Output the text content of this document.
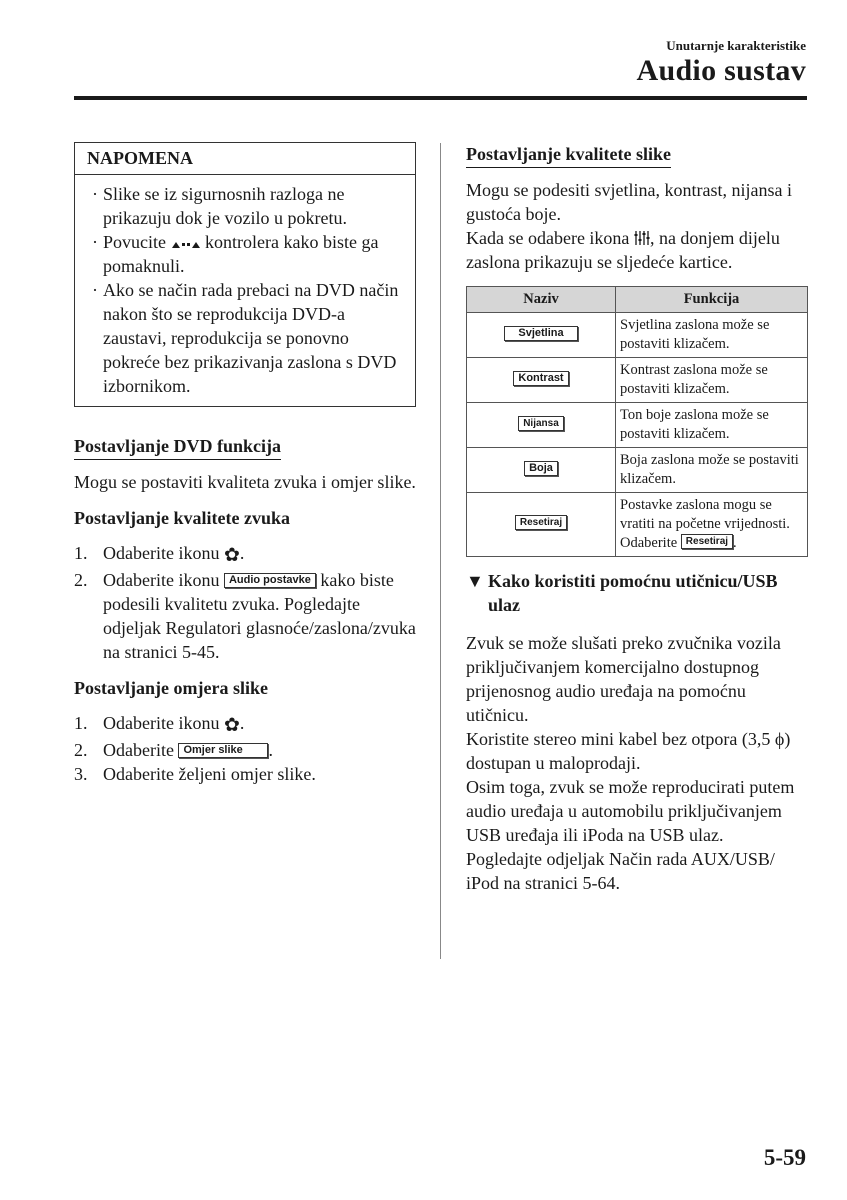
Unutarnje karakteristike
Audio sustav
NAPOMENA
· Slike se iz sigurnosnih razloga ne prikazuju dok je vozilo u pokretu.
· Povucite kontrolera kako biste ga pomaknuli.
· Ako se način rada prebaci na DVD način nakon što se reprodukcija DVD-a zaustavi, reprodukcija se ponovno pokreće bez prikazivanja zaslona s DVD izbornikom.
Postavljanje DVD funkcija
Mogu se postaviti kvaliteta zvuka i omjer slike.
Postavljanje kvalitete zvuka
1. Odaberite ikonu ✿.
2. Odaberite ikonu Audio postavke kako biste podesili kvalitetu zvuka. Pogledajte odjeljak Regulatori glasnoće/zaslona/zvuka na stranici 5-45.
Postavljanje omjera slike
1. Odaberite ikonu ✿.
2. Odaberite Omjer slike .
3. Odaberite željeni omjer slike.
Postavljanje kvalitete slike
Mogu se podesiti svjetlina, kontrast, nijansa i gustoća boje.
Kada se odabere ikona , na donjem dijelu zaslona prikazuju se sljedeće kartice.
Naziv	Funkcija
Svjetlina	Svjetlina zaslona može se postaviti klizačem.
Kontrast	Kontrast zaslona može se postaviti klizačem.
Nijansa	Ton boje zaslona može se postaviti klizačem.
Boja	Boja zaslona može se postaviti klizačem.
Resetiraj	Postavke zaslona mogu se vratiti na početne vrijednosti.
Odaberite Resetiraj .
▼ Kako koristiti pomoćnu utičnicu/USB ulaz
Zvuk se može slušati preko zvučnika vozila priključivanjem komercijalno dostupnog prijenosnog audio uređaja na pomoćnu utičnicu.
Koristite stereo mini kabel bez otpora (3,5 ϕ) dostupan u maloprodaji.
Osim toga, zvuk se može reproducirati putem audio uređaja u automobilu priključivanjem USB uređaja ili iPoda na USB ulaz.
Pogledajte odjeljak Način rada AUX/USB/ iPod na stranici 5-64.
5-59
